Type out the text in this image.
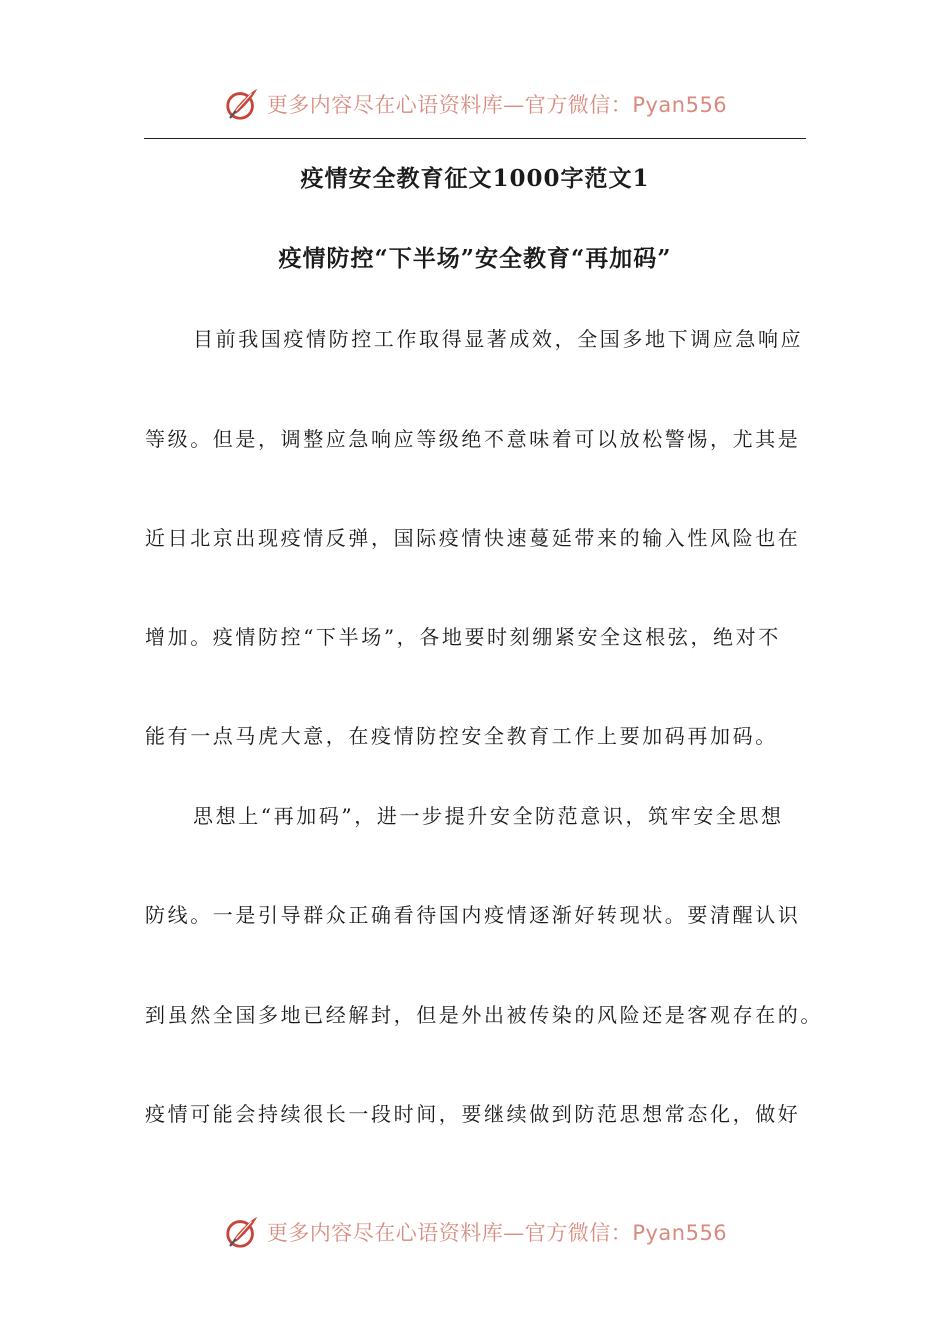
更多内容尽在心语资料库—官方微信：Pyan556
疫情安全教育征文1000字范文1
疫情防控“下半场”安全教育“再加码”
目前我国疫情防控工作取得显著成效，全国多地下调应急响应
等级。但是，调整应急响应等级绝不意味着可以放松警惕，尤其是
近日北京出现疫情反弹，国际疫情快速蔓延带来的输入性风险也在
增加。疫情防控“下半场”，各地要时刻绷紧安全这根弦，绝对不
能有一点马虎大意，在疫情防控安全教育工作上要加码再加码。
思想上“再加码”，进一步提升安全防范意识，筑牢安全思想
防线。一是引导群众正确看待国内疫情逐渐好转现状。要清醒认识
到虽然全国多地已经解封，但是外出被传染的风险还是客观存在的。
疫情可能会持续很长一段时间，要继续做到防范思想常态化，做好
更多内容尽在心语资料库—官方微信：Pyan556
